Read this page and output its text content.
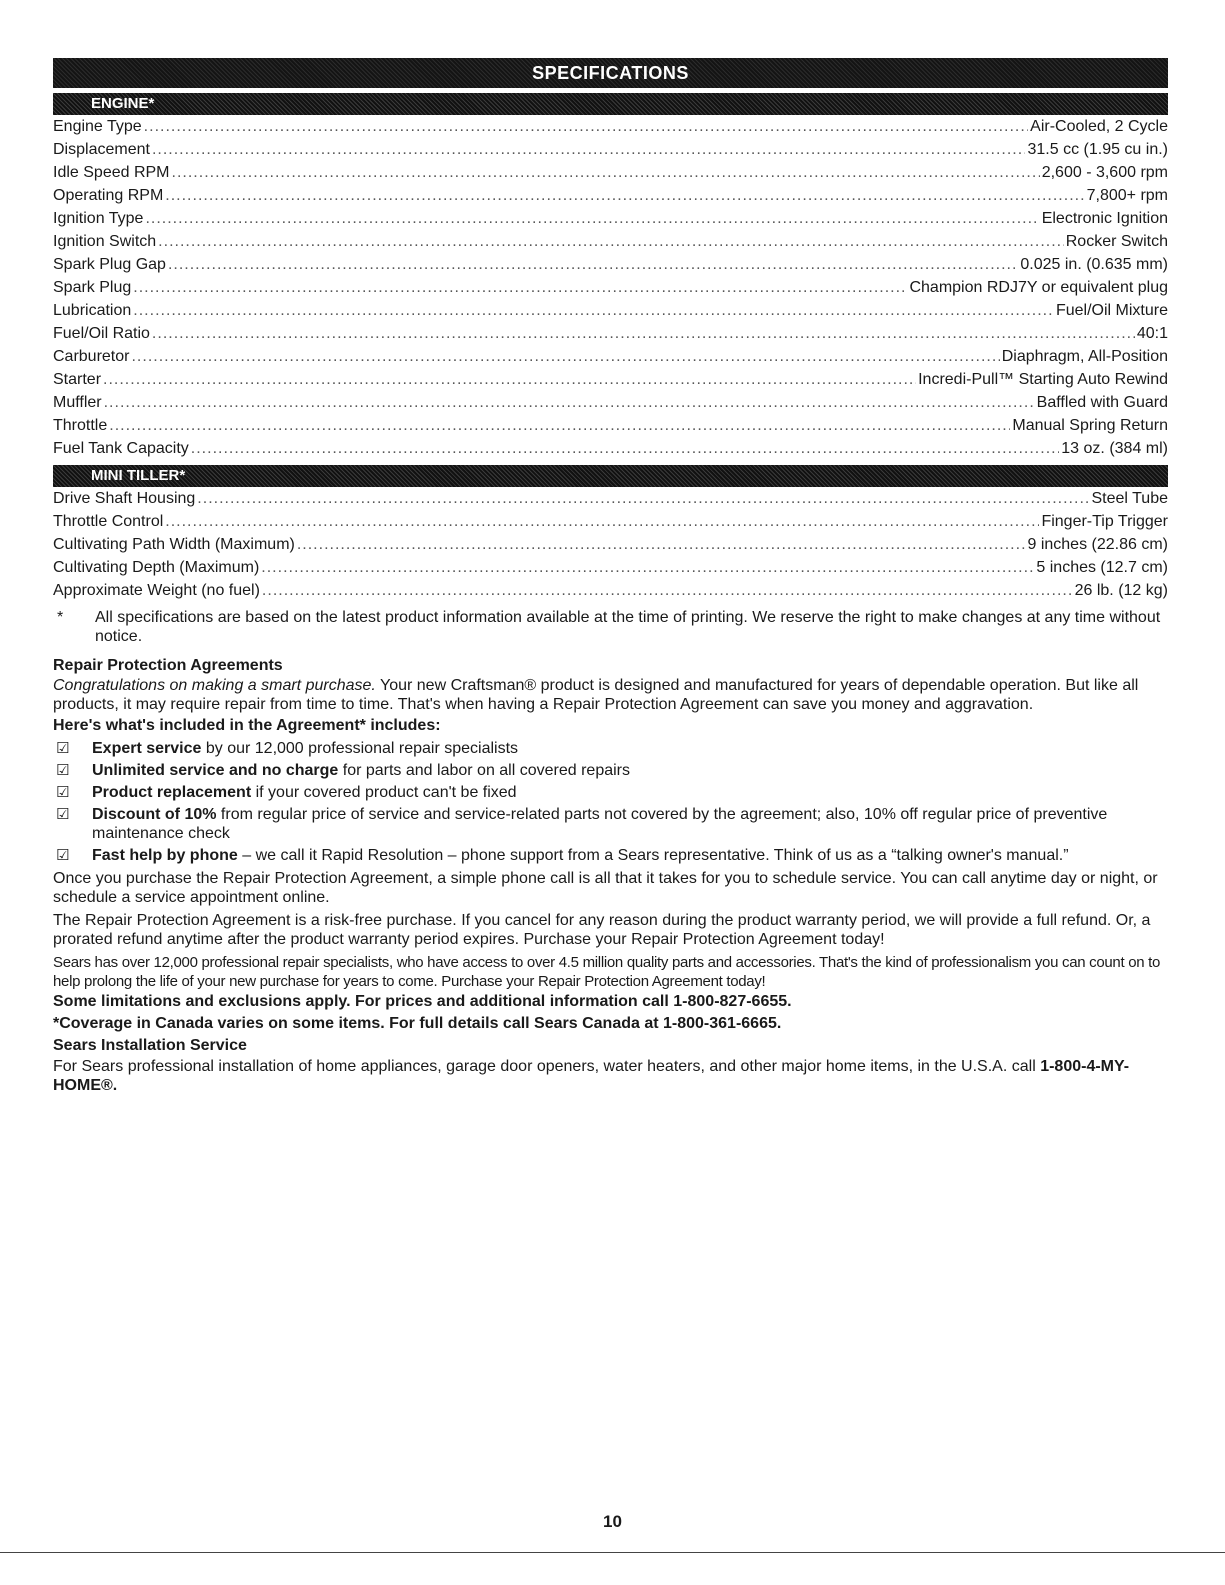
SPECIFICATIONS
ENGINE*
Engine Type .....	Air-Cooled, 2 Cycle
Displacement .....	31.5 cc (1.95 cu in.)
Idle Speed RPM .....	2,600 - 3,600 rpm
Operating RPM .....	7,800+ rpm
Ignition Type .....	Electronic Ignition
Ignition Switch .....	Rocker Switch
Spark Plug Gap .....	0.025 in. (0.635 mm)
Spark Plug .....	Champion RDJ7Y or equivalent plug
Lubrication .....	Fuel/Oil Mixture
Fuel/Oil Ratio .....	40:1
Carburetor .....	Diaphragm, All-Position
Starter .....	Incredi-Pull™ Starting Auto Rewind
Muffler .....	Baffled with Guard
Throttle .....	Manual Spring Return
Fuel Tank Capacity .....	13 oz. (384 ml)
MINI TILLER*
Drive Shaft Housing .....	Steel Tube
Throttle Control .....	Finger-Tip Trigger
Cultivating Path Width (Maximum) .....	9 inches (22.86 cm)
Cultivating Depth (Maximum) .....	5 inches (12.7 cm)
Approximate Weight (no fuel) .....	26 lb. (12 kg)
*	All specifications are based on the latest product information available at the time of printing. We reserve the right to make changes at any time without notice.
Repair Protection Agreements
Congratulations on making a smart purchase. Your new Craftsman® product is designed and manufactured for years of dependable operation. But like all products, it may require repair from time to time. That's when having a Repair Protection Agreement can save you money and aggravation.
Here's what's included in the Agreement* includes:
☑	Expert service by our 12,000 professional repair specialists
☑	Unlimited service and no charge for parts and labor on all covered repairs
☑	Product replacement if your covered product can't be fixed
☑	Discount of 10% from regular price of service and service-related parts not covered by the agreement; also, 10% off regular price of preventive maintenance check
☑	Fast help by phone – we call it Rapid Resolution – phone support from a Sears representative. Think of us as a “talking owner's manual.”
Once you purchase the Repair Protection Agreement, a simple phone call is all that it takes for you to schedule service. You can call anytime day or night, or schedule a service appointment online.
The Repair Protection Agreement is a risk-free purchase. If you cancel for any reason during the product warranty period, we will provide a full refund. Or, a prorated refund anytime after the product warranty period expires. Purchase your Repair Protection Agreement today!
Sears has over 12,000 professional repair specialists, who have access to over 4.5 million quality parts and accessories. That's the kind of professionalism you can count on to help prolong the life of your new purchase for years to come. Purchase your Repair Protection Agreement today!
Some limitations and exclusions apply. For prices and additional information call 1-800-827-6655.
*Coverage in Canada varies on some items. For full details call Sears Canada at 1-800-361-6665.
Sears Installation Service
For Sears professional installation of home appliances, garage door openers, water heaters, and other major home items, in the U.S.A. call 1-800-4-MY-HOME®.
10
